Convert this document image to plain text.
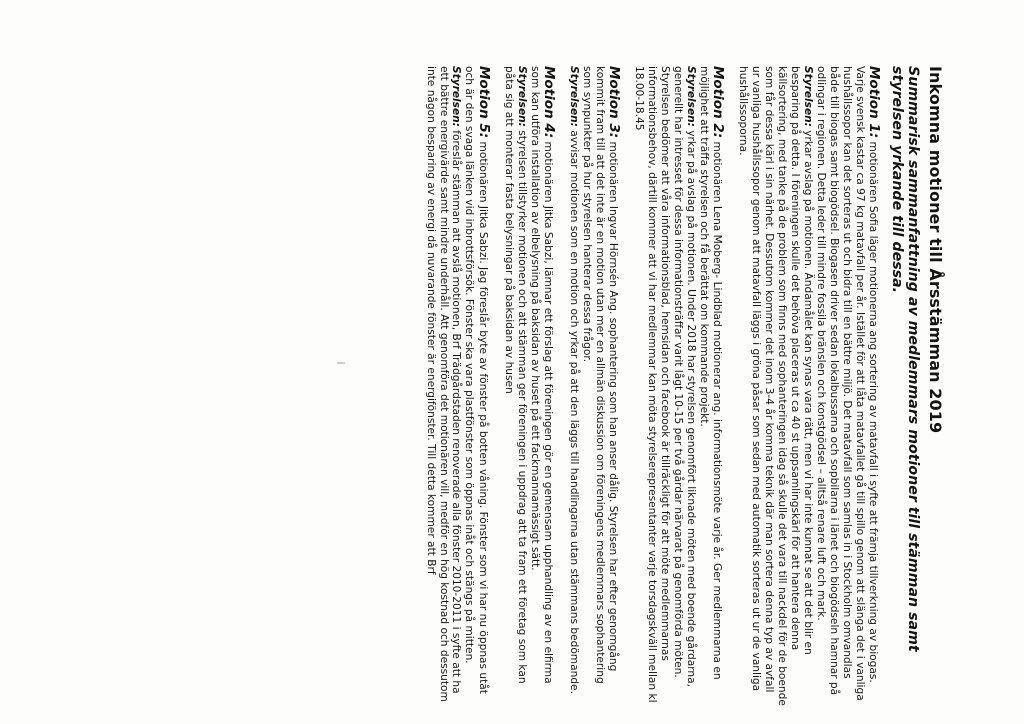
Inkomna motioner till Årsstämman 2019
Summarisk sammanfattning av medlemmars motioner till stämman samt
styrelsen yrkande till dessa.

Motion 1: motionären Sofia läger motionerna ang sortering av matavfall i syfte att främja tillverkning av biogas. Varje svensk kastar ca 97 kg matavfall per år. Istället för att låta matavfallet gå till spillo genom att slänga det i vanliga hushållssopor kan det sorteras ut och bidra till en bättre miljö. Det matavfall som samlas in i Stockholm omvandlas både till biogas samt biogödsel. Biogasen driver sedan lokalbussarna och sopbilarna i länet och biogödseln hamnar på odlingar i regionen. Detta leder till mindre fossila bränslen och konstgödsel – alltså renare luft och mark.

Styrelsen: yrkar avslag på motionen. Ändamålet kan synas vara rätt, men vi har inte kunnat se att det blir en besparing på detta. I föreningen skulle det behöva placeras ut ca 40 st uppsamlingskärl för att hantera denna källsortering, med tanke på de problem som finns med sophanteringen idag så skulle det vara till nackdel för de boende som får dessa kärl i sin närhet. Dessutom kommer det inom 3-4 år komma teknik där man sortera denna typ av avfall ur vanliga hushållssopor genom att matavfall läggs i gröna påsar som sedan med automatik sorteras ut ur de vanliga hushållssoporna.

Motion 2: motionären Lena Moberg- Lindblad motionerar ang. informationsmöte varje år. Ger medlemmarna en möjlighet att träffa styrelsen och få berättat om kommande projekt.

Styrelsen: yrkar på avslag på motionen. Under 2018 har styrelsen genomfört liknade möten med boende gårdarna, generellt har intresset för dessa informationsträffar varit lågt 10-15 per två gårdar närvarat på genomförda möten. Styrelsen bedömer att våra informationsblad, hemsidan och facebook är tillräckligt för att möte medlemmarnas informationsbehov, därtill kommer att vi har medlemmar kan möta styrelserepresentanter varje torsdagskväll mellan kl 18.00-18.45

Motion 3: motionären Ingvar Hörnsén Ang. sophantering som han anser dålig. Styrelsen har efter genomgång kommit fram till att det inte är en motion utan mer en allmän diskussion om föreningens medlemmars sophantering som synpunkter på hur styrelsen hanterar dessa frågor.

Styrelsen: avvisar motionen som en motion och yrkar på att den läggs till handlingarna utan stämmans bedömande.

Motion 4: motionären Jitka Sabzi, lämnar ett förslag att föreningen gör en gemensam upphandling av en elfirma som kan utföra installation av elbelysning på baksidan av huset på ett fackmannamässigt sätt.

Styrelsen: styrelsen tillstyrker motionen och att stämman ger föreningen i uppdrag att ta fram ett företag som kan påta sig att monterar fasta belysningar på baksidan av husen

Motion 5: motionären Jitka Sabzi. Jag föreslår byte av fönster på botten våning. Fönster som vi har nu öppnas utåt och är den svaga länken vid inbrottsförsök. Fönster ska vara plastfönster som öppnas inåt och stängs på mitten.

Styrelsen: föreslår stämman att avslå motionen, Brf Trädgårdstaden renoverade alla fönster 2010-2011 i syfte att ha ett bättre energivärde samt mindre underhåll. Att genomföra det motionären vill, medför en hög kostnad och dessutom inte någon besparing av energi då nuvarande fönster är energifönster. Till detta kommer att Brf
